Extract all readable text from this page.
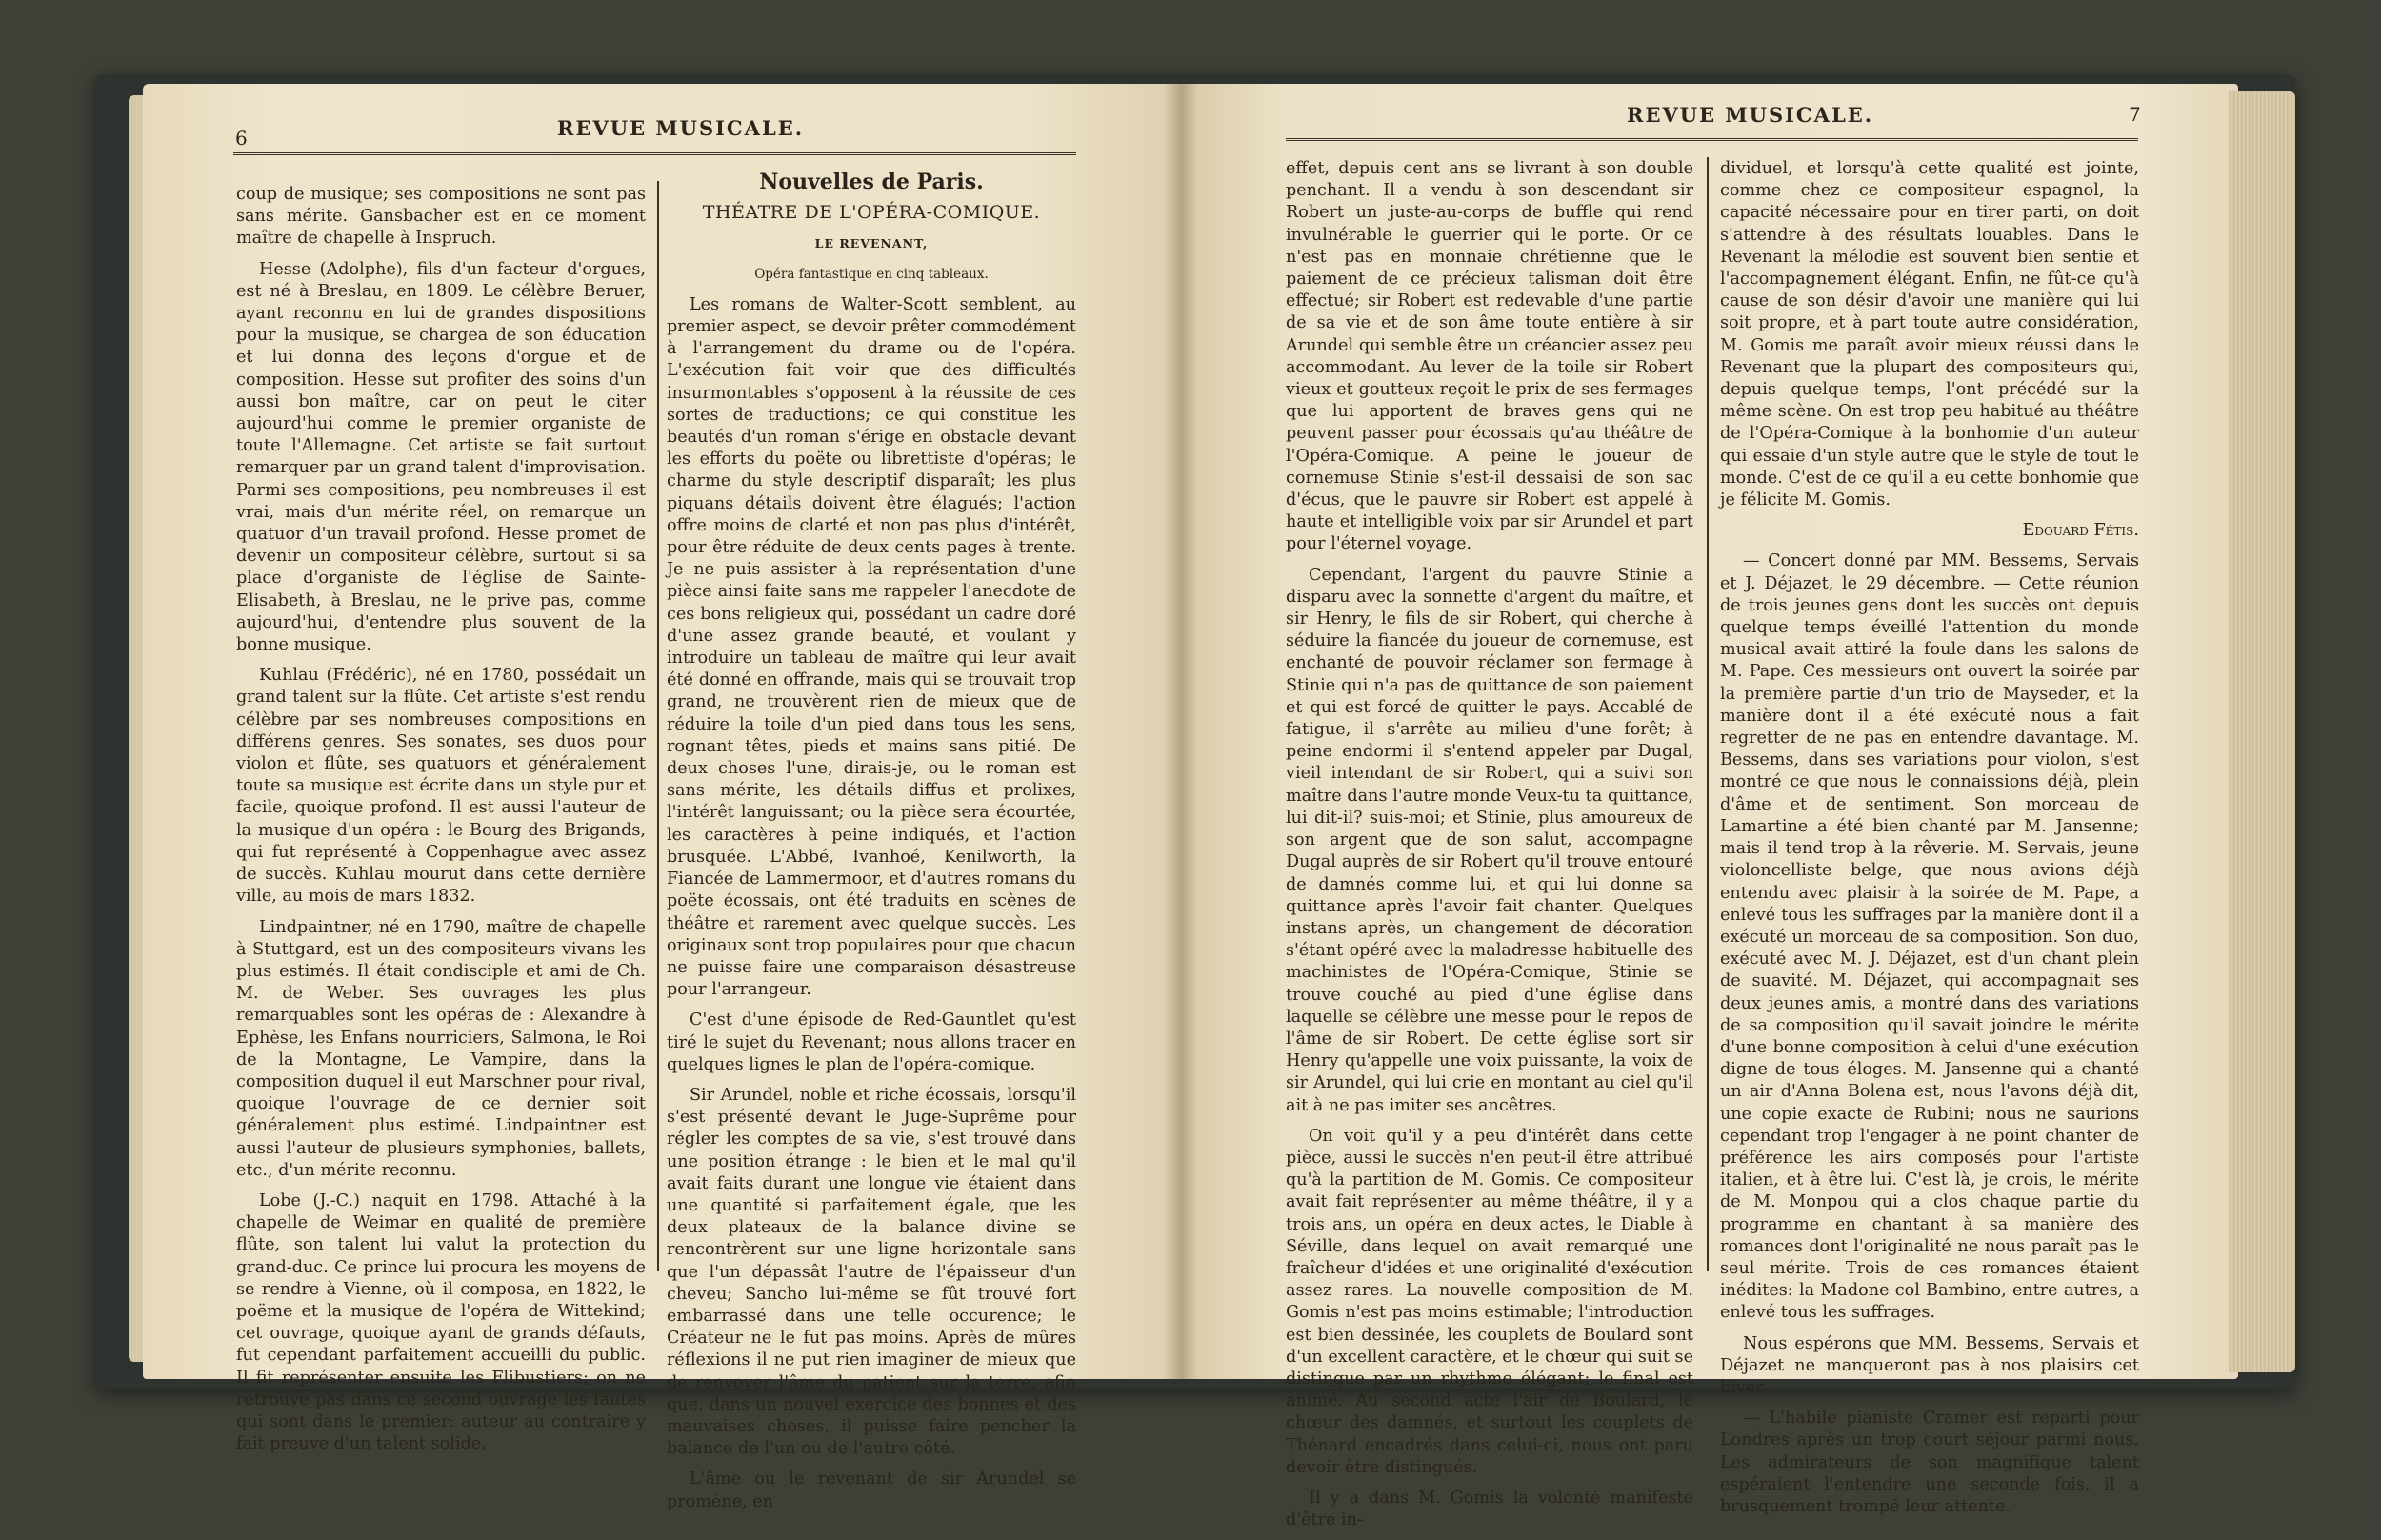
6	REVUE MUSICALE.

coup de musique; ses compositions ne sont pas sans mérite. Gansbacher est en ce moment maître de chapelle à Inspruch.

Hesse (Adolphe), fils d'un facteur d'orgues, est né à Breslau, en 1809. Le célèbre Beruer, ayant reconnu en lui de grandes dispositions pour la musique, se chargea de son éducation et lui donna des leçons d'orgue et de composition. Hesse sut profiter des soins d'un aussi bon maître, car on peut le citer aujourd'hui comme le premier organiste de toute l'Allemagne. Cet artiste se fait surtout remarquer par un grand talent d'improvisation. Parmi ses compositions, peu nombreuses il est vrai, mais d'un mérite réel, on remarque un quatuor d'un travail profond. Hesse promet de devenir un compositeur célèbre, surtout si sa place d'organiste de l'église de Sainte-Elisabeth, à Breslau, ne le prive pas, comme aujourd'hui, d'entendre plus souvent de la bonne musique.

Kuhlau (Frédéric), né en 1780, possédait un grand talent sur la flûte. Cet artiste s'est rendu célèbre par ses nombreuses compositions en différens genres. Ses sonates, ses duos pour violon et flûte, ses quatuors et généralement toute sa musique est écrite dans un style pur et facile, quoique profond. Il est aussi l'auteur de la musique d'un opéra : le Bourg des Brigands, qui fut représenté à Coppenhague avec assez de succès. Kuhlau mourut dans cette dernière ville, au mois de mars 1832.

Lindpaintner, né en 1790, maître de chapelle à Stuttgard, est un des compositeurs vivans les plus estimés. Il était condisciple et ami de Ch. M. de Weber. Ses ouvrages les plus remarquables sont les opéras de : Alexandre à Ephèse, les Enfans nourriciers, Salmona, le Roi de la Montagne, Le Vampire, dans la composition duquel il eut Marschner pour rival, quoique l'ouvrage de ce dernier soit généralement plus estimé. Lindpaintner est aussi l'auteur de plusieurs symphonies, ballets, etc., d'un mérite reconnu.

Lobe (J.-C.) naquit en 1798. Attaché à la chapelle de Weimar en qualité de première flûte, son talent lui valut la protection du grand-duc. Ce prince lui procura les moyens de se rendre à Vienne, où il composa, en 1822, le poëme et la musique de l'opéra de Wittekind; cet ouvrage, quoique ayant de grands défauts, fut cependant parfaitement accueilli du public. Il fit représenter ensuite les Flibustiers; on ne retrouve pas dans ce second ouvrage les fautes qui sont dans le premier: auteur au contraire y fait preuve d'un talent solide.

Nouvelles de Paris.

THÉATRE DE L'OPÉRA-COMIQUE.

LE REVENANT,

Opéra fantastique en cinq tableaux.

Les romans de Walter-Scott semblent, au premier aspect, se devoir prêter commodément à l'arrangement du drame ou de l'opéra. L'exécution fait voir que des difficultés insurmontables s'opposent à la réussite de ces sortes de traductions; ce qui constitue les beautés d'un roman s'érige en obstacle devant les efforts du poëte ou librettiste d'opéras; le charme du style descriptif disparaît; les plus piquans détails doivent être élagués; l'action offre moins de clarté et non pas plus d'intérêt, pour être réduite de deux cents pages à trente. Je ne puis assister à la représentation d'une pièce ainsi faite sans me rappeler l'anecdote de ces bons religieux qui, possédant un cadre doré d'une assez grande beauté, et voulant y introduire un tableau de maître qui leur avait été donné en offrande, mais qui se trouvait trop grand, ne trouvèrent rien de mieux que de réduire la toile d'un pied dans tous les sens, rognant têtes, pieds et mains sans pitié. De deux choses l'une, dirais-je, ou le roman est sans mérite, les détails diffus et prolixes, l'intérêt languissant; ou la pièce sera écourtée, les caractères à peine indiqués, et l'action brusquée. L'Abbé, Ivanhoé, Kenilworth, la Fiancée de Lammermoor, et d'autres romans du poëte écossais, ont été traduits en scènes de théâtre et rarement avec quelque succès. Les originaux sont trop populaires pour que chacun ne puisse faire une comparaison désastreuse pour l'arrangeur.

C'est d'une épisode de Red-Gauntlet qu'est tiré le sujet du Revenant; nous allons tracer en quelques lignes le plan de l'opéra-comique.

Sir Arundel, noble et riche écossais, lorsqu'il s'est présenté devant le Juge-Suprême pour régler les comptes de sa vie, s'est trouvé dans une position étrange : le bien et le mal qu'il avait faits durant une longue vie étaient dans une quantité si parfaitement égale, que les deux plateaux de la balance divine se rencontrèrent sur une ligne horizontale sans que l'un dépassât l'autre de l'épaisseur d'un cheveu; Sancho lui-même se fût trouvé fort embarrassé dans une telle occurence; le Créateur ne le fut pas moins. Après de mûres réflexions il ne put rien imaginer de mieux que de renvoyer l'âme du patient sur la terre, afin que, dans un nouvel exercice des bonnes et des mauvaises choses, il puisse faire pencher la balance de l'un ou de l'autre côté.

L'âme ou le revenant de sir Arundel se promène, en

REVUE MUSICALE.	7

effet, depuis cent ans se livrant à son double penchant. Il a vendu à son descendant sir Robert un juste-au-corps de buffle qui rend invulnérable le guerrier qui le porte. Or ce n'est pas en monnaie chrétienne que le paiement de ce précieux talisman doit être effectué; sir Robert est redevable d'une partie de sa vie et de son âme toute entière à sir Arundel qui semble être un créancier assez peu accommodant. Au lever de la toile sir Robert vieux et goutteux reçoit le prix de ses fermages que lui apportent de braves gens qui ne peuvent passer pour écossais qu'au théâtre de l'Opéra-Comique. A peine le joueur de cornemuse Stinie s'est-il dessaisi de son sac d'écus, que le pauvre sir Robert est appelé à haute et intelligible voix par sir Arundel et part pour l'éternel voyage.

Cependant, l'argent du pauvre Stinie a disparu avec la sonnette d'argent du maître, et sir Henry, le fils de sir Robert, qui cherche à séduire la fiancée du joueur de cornemuse, est enchanté de pouvoir réclamer son fermage à Stinie qui n'a pas de quittance de son paiement et qui est forcé de quitter le pays. Accablé de fatigue, il s'arrête au milieu d'une forêt; à peine endormi il s'entend appeler par Dugal, vieil intendant de sir Robert, qui a suivi son maître dans l'autre monde Veux-tu ta quittance, lui dit-il? suis-moi; et Stinie, plus amoureux de son argent que de son salut, accompagne Dugal auprès de sir Robert qu'il trouve entouré de damnés comme lui, et qui lui donne sa quittance après l'avoir fait chanter. Quelques instans après, un changement de décoration s'étant opéré avec la maladresse habituelle des machinistes de l'Opéra-Comique, Stinie se trouve couché au pied d'une église dans laquelle se célèbre une messe pour le repos de l'âme de sir Robert. De cette église sort sir Henry qu'appelle une voix puissante, la voix de sir Arundel, qui lui crie en montant au ciel qu'il ait à ne pas imiter ses ancêtres.

On voit qu'il y a peu d'intérêt dans cette pièce, aussi le succès n'en peut-il être attribué qu'à la partition de M. Gomis. Ce compositeur avait fait représenter au même théâtre, il y a trois ans, un opéra en deux actes, le Diable à Séville, dans lequel on avait remarqué une fraîcheur d'idées et une originalité d'exécution assez rares. La nouvelle composition de M. Gomis n'est pas moins estimable; l'introduction est bien dessinée, les couplets de Boulard sont d'un excellent caractère, et le chœur qui suit se distingue par un rhythme élégant; le final est animé. Au second acte l'air de Boulard, le chœur des damnés, et surtout les couplets de Thénard encadrés dans celui-ci, nous ont paru devoir être distingués.

Il y a dans M. Gomis la volonté manifeste d'être in-

dividuel, et lorsqu'à cette qualité est jointe, comme chez ce compositeur espagnol, la capacité nécessaire pour en tirer parti, on doit s'attendre à des résultats louables. Dans le Revenant la mélodie est souvent bien sentie et l'accompagnement élégant. Enfin, ne fût-ce qu'à cause de son désir d'avoir une manière qui lui soit propre, et à part toute autre considération, M. Gomis me paraît avoir mieux réussi dans le Revenant que la plupart des compositeurs qui, depuis quelque temps, l'ont précédé sur la même scène. On est trop peu habitué au théâtre de l'Opéra-Comique à la bonhomie d'un auteur qui essaie d'un style autre que le style de tout le monde. C'est de ce qu'il a eu cette bonhomie que je félicite M. Gomis.

Edouard Fétis.

— Concert donné par MM. Bessems, Servais et J. Déjazet, le 29 décembre. — Cette réunion de trois jeunes gens dont les succès ont depuis quelque temps éveillé l'attention du monde musical avait attiré la foule dans les salons de M. Pape. Ces messieurs ont ouvert la soirée par la première partie d'un trio de Mayseder, et la manière dont il a été exécuté nous a fait regretter de ne pas en entendre davantage. M. Bessems, dans ses variations pour violon, s'est montré ce que nous le connaissions déjà, plein d'âme et de sentiment. Son morceau de Lamartine a été bien chanté par M. Jansenne; mais il tend trop à la rêverie. M. Servais, jeune violoncelliste belge, que nous avions déjà entendu avec plaisir à la soirée de M. Pape, a enlevé tous les suffrages par la manière dont il a exécuté un morceau de sa composition. Son duo, exécuté avec M. J. Déjazet, est d'un chant plein de suavité. M. Déjazet, qui accompagnait ses deux jeunes amis, a montré dans des variations de sa composition qu'il savait joindre le mérite d'une bonne composition à celui d'une exécution digne de tous éloges. M. Jansenne qui a chanté un air d'Anna Bolena est, nous l'avons déjà dit, une copie exacte de Rubini; nous ne saurions cependant trop l'engager à ne point chanter de préférence les airs composés pour l'artiste italien, et à être lui. C'est là, je crois, le mérite de M. Monpou qui a clos chaque partie du programme en chantant à sa manière des romances dont l'originalité ne nous paraît pas le seul mérite. Trois de ces romances étaient inédites: la Madone col Bambino, entre autres, a enlevé tous les suffrages.

Nous espérons que MM. Bessems, Servais et Déjazet ne manqueront pas à nos plaisirs cet hiver.

— L'habile pianiste Cramer est reparti pour Londres après un trop court séjour parmi nous. Les admirateurs de son magnifique talent espéraient l'entendre une seconde fois, il a brusquement trompé leur attente.
